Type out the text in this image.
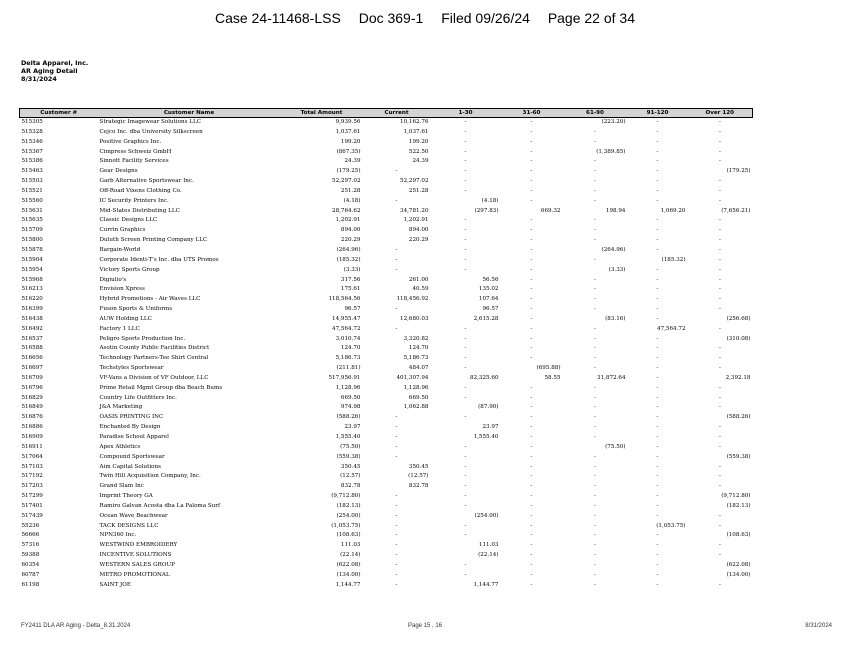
Case 24-11468-LSS Doc 369-1 Filed 09/26/24 Page 22 of 34
Delta Apparel, Inc.
AR Aging Detail
8/31/2024
Customer #	Customer Name	Total Amount	Current	1-30	31-60	61-90	91-120	Over 120
515305	Strategic Imagewear Solutions LLC	9,939.56	10,162.76	-	-	(223.20)	-	-
515328	Cejco Inc. dba University Silkscreen	1,037.61	1,037.61	-	-	-	-	-
515346	Positive Graphics Inc.	199.20	199.20	-	-	-	-	-
515367	Cimpress Schweiz GmbH	(867.35)	522.50	-	-	(1,389.85)	-	-
515386	Sinnott Facility Services	24.39	24.39	-	-	-	-	-
515463	Gear Designs	(179.25)	-	-	-	-	-	(179.25)
515503	Garb Alternative Sportswear Inc.	52,297.02	52,297.02	-	-	-	-	-
515521	Off-Road Vixens Clothing Co.	251.28	251.28	-	-	-	-	-
515560	IC Security Printers Inc.	(4.18)	-	(4.18)	-	-	-	-
515631	Mid-States Distributing LLC	28,764.62	34,781.20	(297.83)	669.32	198.94	1,069.20	(7,656.21)
515635	Classic Designs LLC	1,202.91	1,202.91	-	-	-	-	-
515709	Currin Graphics	894.00	894.00	-	-	-	-	-
515800	Duluth Screen Printing Company LLC	220.29	220.29	-	-	-	-	-
515878	Bargain-World	(264.96)	-	-	-	(264.96)	-	-
515904	Corporate Identi-T's Inc. dba UTS Promos	(185.32)	-	-	-	-	(185.32)	-
515954	Victory Sports Group	(3.33)	-	-	-	(3.33)	-	-
515968	Digiulio's	317.56	261.00	56.56	-	-	-	-
516213	Envision Xpress	175.61	40.59	135.02	-	-	-	-
516220	Hybrid Promotions - Air Waves LLC	118,564.56	118,456.92	107.64	-	-	-	-
516399	Fuson Sports & Uniforms	96.57	-	96.57	-	-	-	-
516438	AUW Holding LLC	14,955.47	12,680.03	2,615.28	-	(83.16)	-	(256.68)
516492	Factory 1 LLC	47,564.72	-	-	-	-	47,564.72	-
516537	Peligro Sports Production Inc.	3,010.74	3,320.82	-	-	-	-	(310.08)
516588	Asotin County Public Facilities District	124.70	124.70	-	-	-	-	-
516656	Technology Partners-Tee Shirt Central	5,186.73	5,186.73	-	-	-	-	-
516697	Techstyles Sportswear	(211.81)	484.07	-	(695.88)	-	-	-
516709	VF-Vans a Division of VF Outdoor, LLC	517,956.91	401,307.94	82,325.60	58.55	31,872.64	-	2,392.18
516796	Prime Retail Mgmt Group dba Beach Bums	1,128.96	1,128.96	-	-	-	-	-
516829	Country Life Outfitters Inc.	669.50	669.50	-	-	-	-	-
516849	J&A Marketing	974.98	1,062.88	(87.90)	-	-	-	-
516876	OASIS PRINTING INC	(588.26)	-	-	-	-	-	(588.26)
516886	Enchanted By Design	23.97	-	23.97	-	-	-	-
516909	Paradise School Apparel	1,555.40	-	1,555.40	-	-	-	-
516911	Apex Athletics	(75.50)	-	-	-	(75.50)	-	-
517064	Compound Sportswear	(559.38)	-	-	-	-	-	(559.38)
517103	Aim Capital Solutions	350.45	350.45	-	-	-	-	-
517192	Twin Hill Acquisition Company, Inc.	(12.57)	(12.57)	-	-	-	-	-
517203	Grand Slam Inc	832.78	832.78	-	-	-	-	-
517299	Imprint Theory GA	(9,712.80)	-	-	-	-	-	(9,712.80)
517401	Ramiro Galvan Acosta dba La Paloma Surf	(182.13)	-	-	-	-	-	(182.13)
517439	Ocean Wave Beachwear	(254.00)	-	(254.00)	-	-	-	-
55236	TACK DESIGNS LLC	(1,053.75)	-	-	-	-	(1,053.75)	-
56666	NPN360 Inc.	(108.63)	-	-	-	-	-	(108.63)
57316	WESTWIND EMBROIDERY	111.03	-	111.03	-	-	-	-
59388	INCENTIVE SOLUTIONS	(22.14)	-	(22.14)	-	-	-	-
60354	WESTERN SALES GROUP	(622.08)	-	-	-	-	-	(622.08)
60787	METRO PROMOTIONAL	(134.00)	-	-	-	-	-	(134.00)
61198	SAINT JOE	1,144.77	-	1,144.77	-	-	-	-
FY2411 DLA AR Aging - Delta_8.31.2024	Page 15 , 16	8/31/2024
